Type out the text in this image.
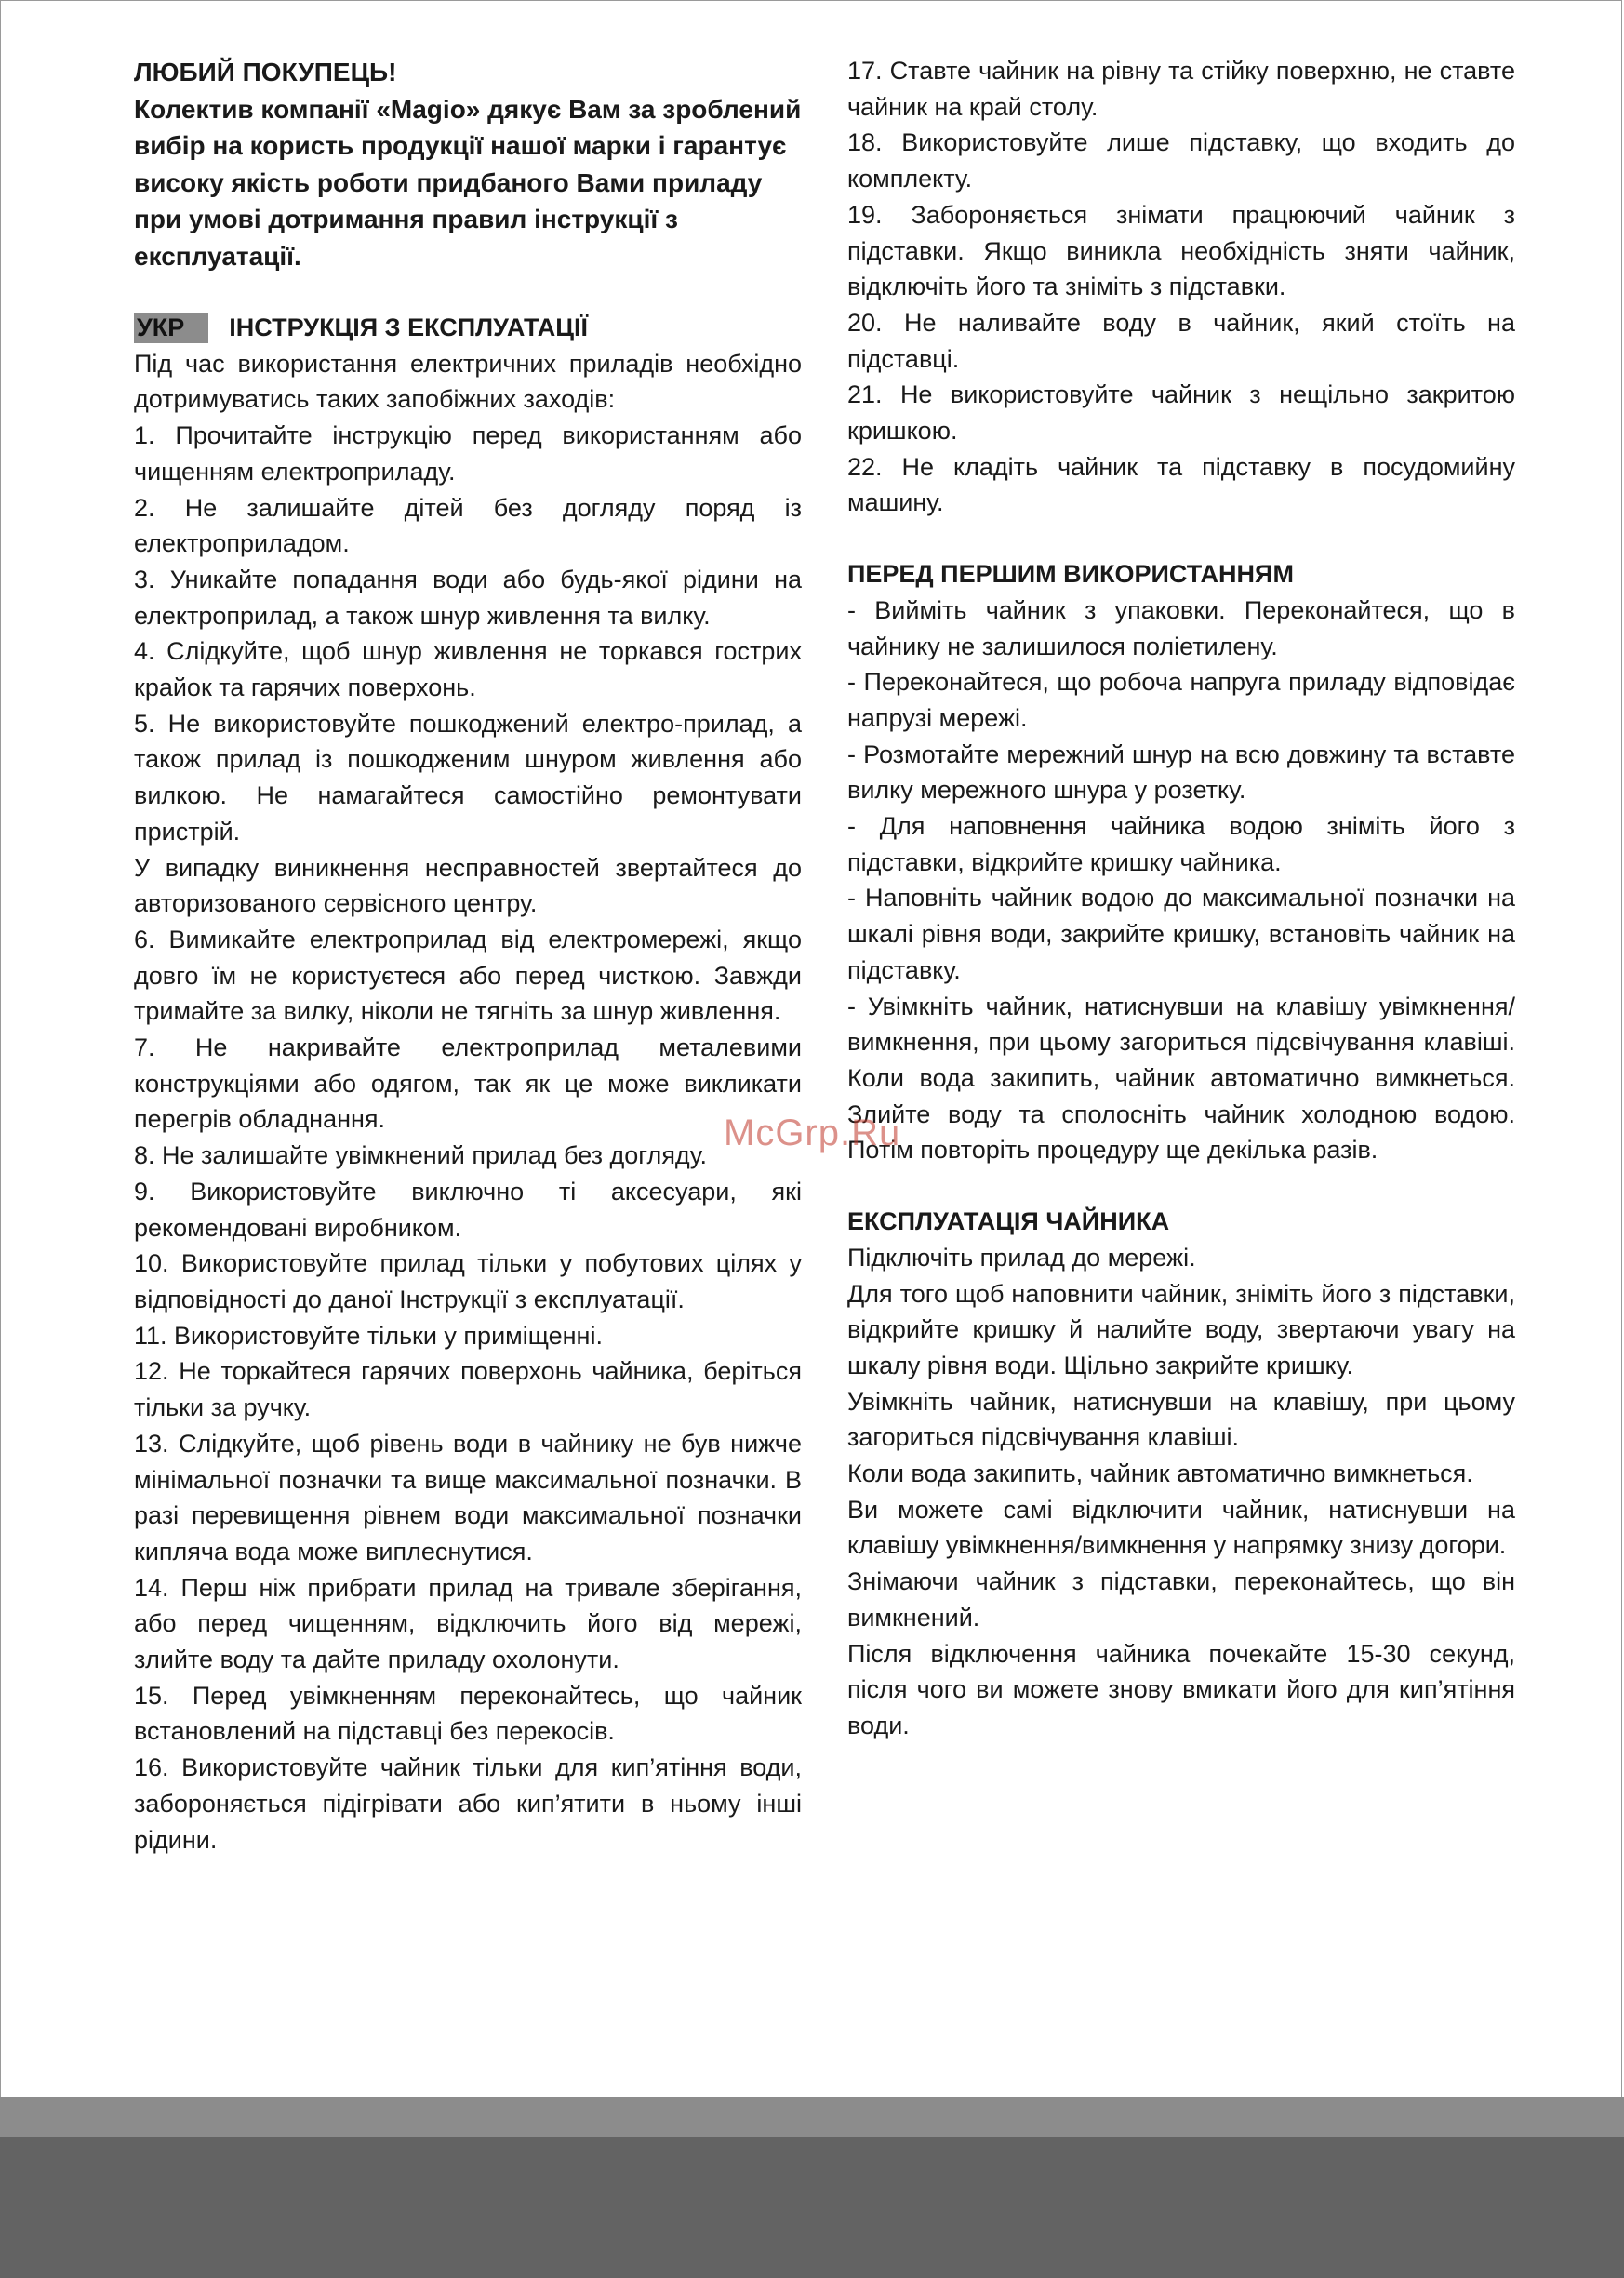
ЛЮБИЙ ПОКУПЕЦЬ!
Колектив компанії «Magio» дякує Вам за зроблений вибір на користь продукції нашої марки і гарантує високу якість роботи придбаного Вами приладу при умові дотримання правил інструкції з експлуатації.

УКР ІНСТРУКЦІЯ З ЕКСПЛУАТАЦІЇ

Під час використання електричних приладів необхідно дотримуватись таких запобіжних заходів:

1. Прочитайте інструкцію перед використанням або чищенням електроприладу.

2. Не залишайте дітей без догляду поряд із електроприладом.

3. Уникайте попадання води або будь-якої рідини на електроприлад, а також шнур живлення та вилку.

4. Слідкуйте, щоб шнур живлення не торкався гострих крайок та гарячих поверхонь.

5. Не використовуйте пошкоджений електро-прилад, а також прилад із пошкодженим шнуром живлення або вилкою. Не намагайтеся самостійно ремонтувати пристрій.

У випадку виникнення несправностей звертайтеся до авторизованого сервісного центру.

6. Вимикайте електроприлад від електромережі, якщо довго їм не користуєтеся або перед чисткою. Завжди тримайте за вилку, ніколи не тягніть за шнур живлення.

7. Не накривайте електроприлад металевими конструкціями або одягом, так як це може викликати перегрів обладнання.

8. Не залишайте увімкнений прилад без догляду.

9. Використовуйте виключно ті аксесуари, які рекомендовані виробником.

10. Використовуйте прилад тільки у побутових цілях у відповідності до даної Інструкції з експлуатації.

11. Використовуйте тільки у приміщенні.

12. Не торкайтеся гарячих поверхонь чайника, беріться тільки за ручку.

13. Слідкуйте, щоб рівень води в чайнику не був нижче мінімальної позначки та вище максимальної позначки. В разі перевищення рівнем води максимальної позначки кипляча вода може виплеснутися.

14. Перш ніж прибрати прилад на тривале зберігання, або перед чищенням, відключить його від мережі, злийте воду та дайте приладу охолонути.

15. Перед увімкненням переконайтесь, що чайник встановлений на підставці без перекосів.

16. Використовуйте чайник тільки для кип’ятіння води, забороняється підігрівати або кип’ятити в ньому інші рідини.

17. Ставте чайник на рівну та стійку поверхню, не ставте чайник на край столу.

18. Використовуйте лише підставку, що входить до комплекту.

19. Забороняється знімати працюючий чайник з підставки. Якщо виникла необхідність зняти чайник, відключіть його та зніміть з підставки.

20. Не наливайте воду в чайник, який стоїть на підставці.

21. Не використовуйте чайник з нещільно закритою кришкою.

22. Не кладіть чайник та підставку в посудомийну машину.

ПЕРЕД ПЕРШИМ ВИКОРИСТАННЯМ

- Вийміть чайник з упаковки. Переконайтеся, що в чайнику не залишилося поліетилену.

- Переконайтеся, що робоча напруга приладу відповідає напрузі мережі.

- Розмотайте мережний шнур на всю довжину та вставте вилку мережного шнура у розетку.

- Для наповнення чайника водою зніміть його з підставки, відкрийте кришку чайника.

- Наповніть чайник водою до максимальної позначки на шкалі рівня води, закрийте кришку, встановіть чайник на підставку.

- Увімкніть чайник, натиснувши на клавішу увімкнення/вимкнення, при цьому загориться підсвічування клавіші. Коли вода закипить, чайник автоматично вимкнеться. Злийте воду та сполосніть чайник холодною водою. Потім повторіть процедуру ще декілька разів.

ЕКСПЛУАТАЦІЯ ЧАЙНИКА

Підключіть прилад до мережі.

Для того щоб наповнити чайник, зніміть його з підставки, відкрийте кришку й налийте воду, звертаючи увагу на шкалу рівня води. Щільно закрийте кришку.

Увімкніть чайник, натиснувши на клавішу, при цьому загориться підсвічування клавіші.

Коли вода закипить, чайник автоматично вимкнеться.

Ви можете самі відключити чайник, натиснувши на клавішу увімкнення/вимкнення у напрямку знизу догори.

Знімаючи чайник з підставки, переконайтесь, що він вимкнений.

Після відключення чайника почекайте 15-30 секунд, після чого ви можете знову вмикати його для кип’ятіння води.

McGrp.Ru
